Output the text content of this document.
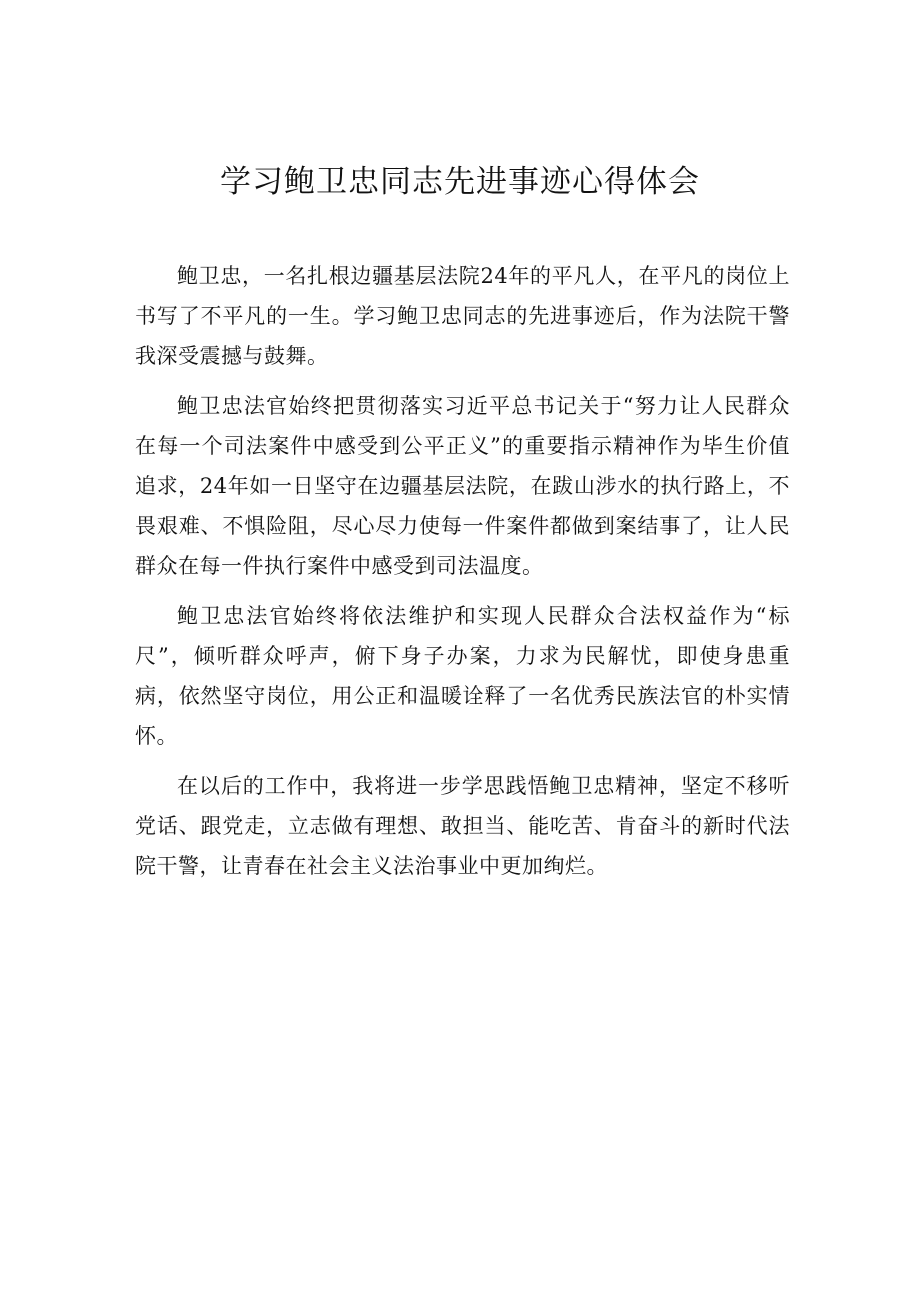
学习鲍卫忠同志先进事迹心得体会

鲍卫忠，一名扎根边疆基层法院24年的平凡人，在平凡的岗位上书写了不平凡的一生。学习鲍卫忠同志的先进事迹后，作为法院干警我深受震撼与鼓舞。

鲍卫忠法官始终把贯彻落实习近平总书记关于“努力让人民群众在每一个司法案件中感受到公平正义”的重要指示精神作为毕生价值追求，24年如一日坚守在边疆基层法院，在跋山涉水的执行路上，不畏艰难、不惧险阻，尽心尽力使每一件案件都做到案结事了，让人民群众在每一件执行案件中感受到司法温度。

鲍卫忠法官始终将依法维护和实现人民群众合法权益作为“标尺”，倾听群众呼声，俯下身子办案，力求为民解忧，即使身患重病，依然坚守岗位，用公正和温暖诠释了一名优秀民族法官的朴实情怀。

在以后的工作中，我将进一步学思践悟鲍卫忠精神，坚定不移听党话、跟党走，立志做有理想、敢担当、能吃苦、肯奋斗的新时代法院干警，让青春在社会主义法治事业中更加绚烂。
